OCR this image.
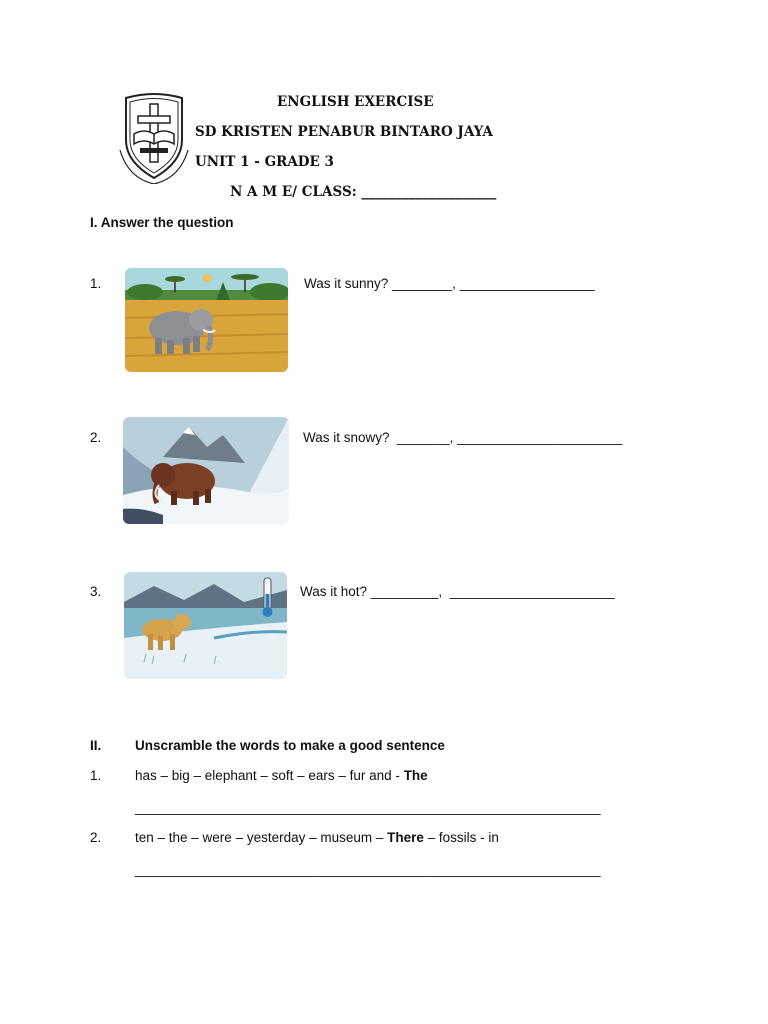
ENGLISH EXERCISE
SD KRISTEN PENABUR BINTARO JAYA
UNIT 1 - GRADE 3
N A M E/ CLASS: ____________________
I. Answer the question
1.	Was it sunny? ________, __________________
2.	Was it snowy?  _______, ______________________
3.	Was it hot? _________,  ______________________
II. Unscramble the words to make a good sentence
1. has – big – elephant – soft – ears – fur and - The
______________________________________________________________
2. ten – the – were – yesterday – museum – There – fossils - in
______________________________________________________________
